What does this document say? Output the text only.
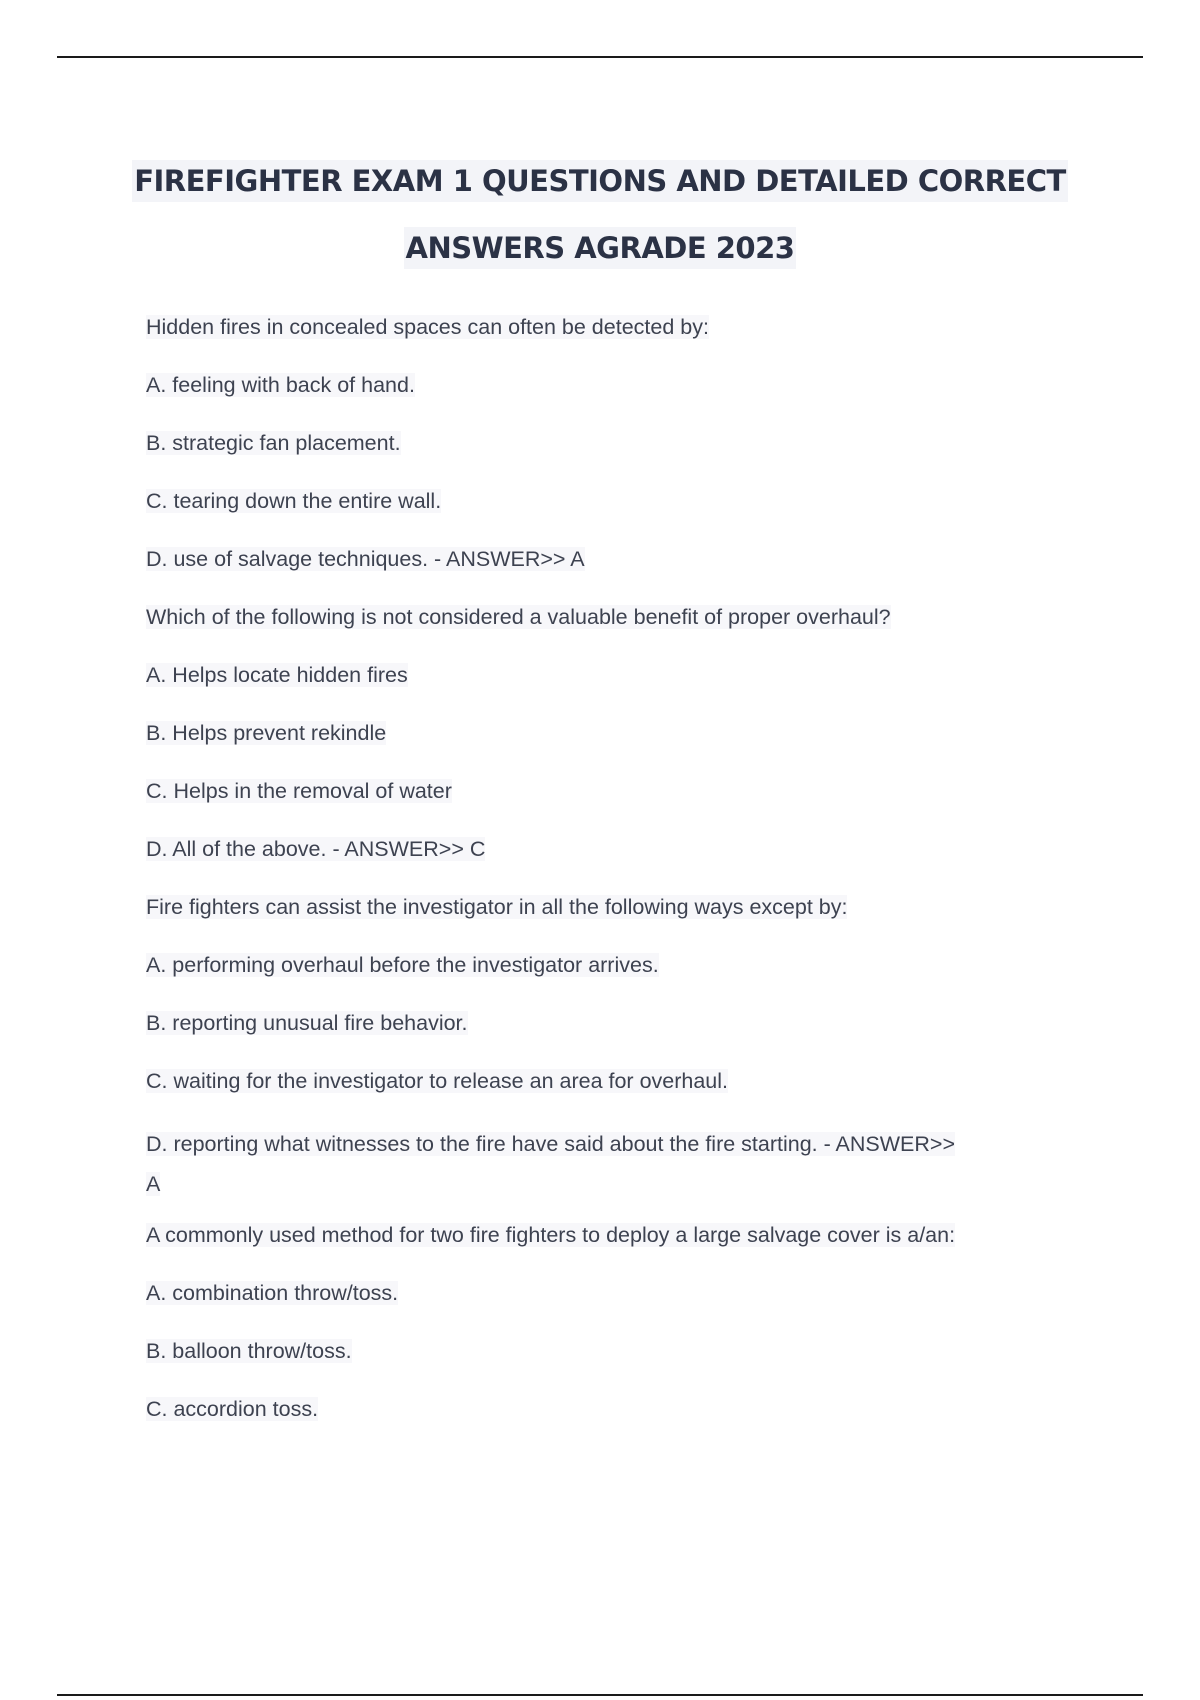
FIREFIGHTER EXAM 1 QUESTIONS AND DETAILED CORRECT
ANSWERS AGRADE 2023

Hidden fires in concealed spaces can often be detected by:

A. feeling with back of hand.

B. strategic fan placement.

C. tearing down the entire wall.

D. use of salvage techniques. - ANSWER>> A

Which of the following is not considered a valuable benefit of proper overhaul?

A. Helps locate hidden fires

B. Helps prevent rekindle

C. Helps in the removal of water

D. All of the above. - ANSWER>> C

Fire fighters can assist the investigator in all the following ways except by:

A. performing overhaul before the investigator arrives.

B. reporting unusual fire behavior.

C. waiting for the investigator to release an area for overhaul.

D. reporting what witnesses to the fire have said about the fire starting. - ANSWER>>
A

A commonly used method for two fire fighters to deploy a large salvage cover is a/an:

A. combination throw/toss.

B. balloon throw/toss.

C. accordion toss.
